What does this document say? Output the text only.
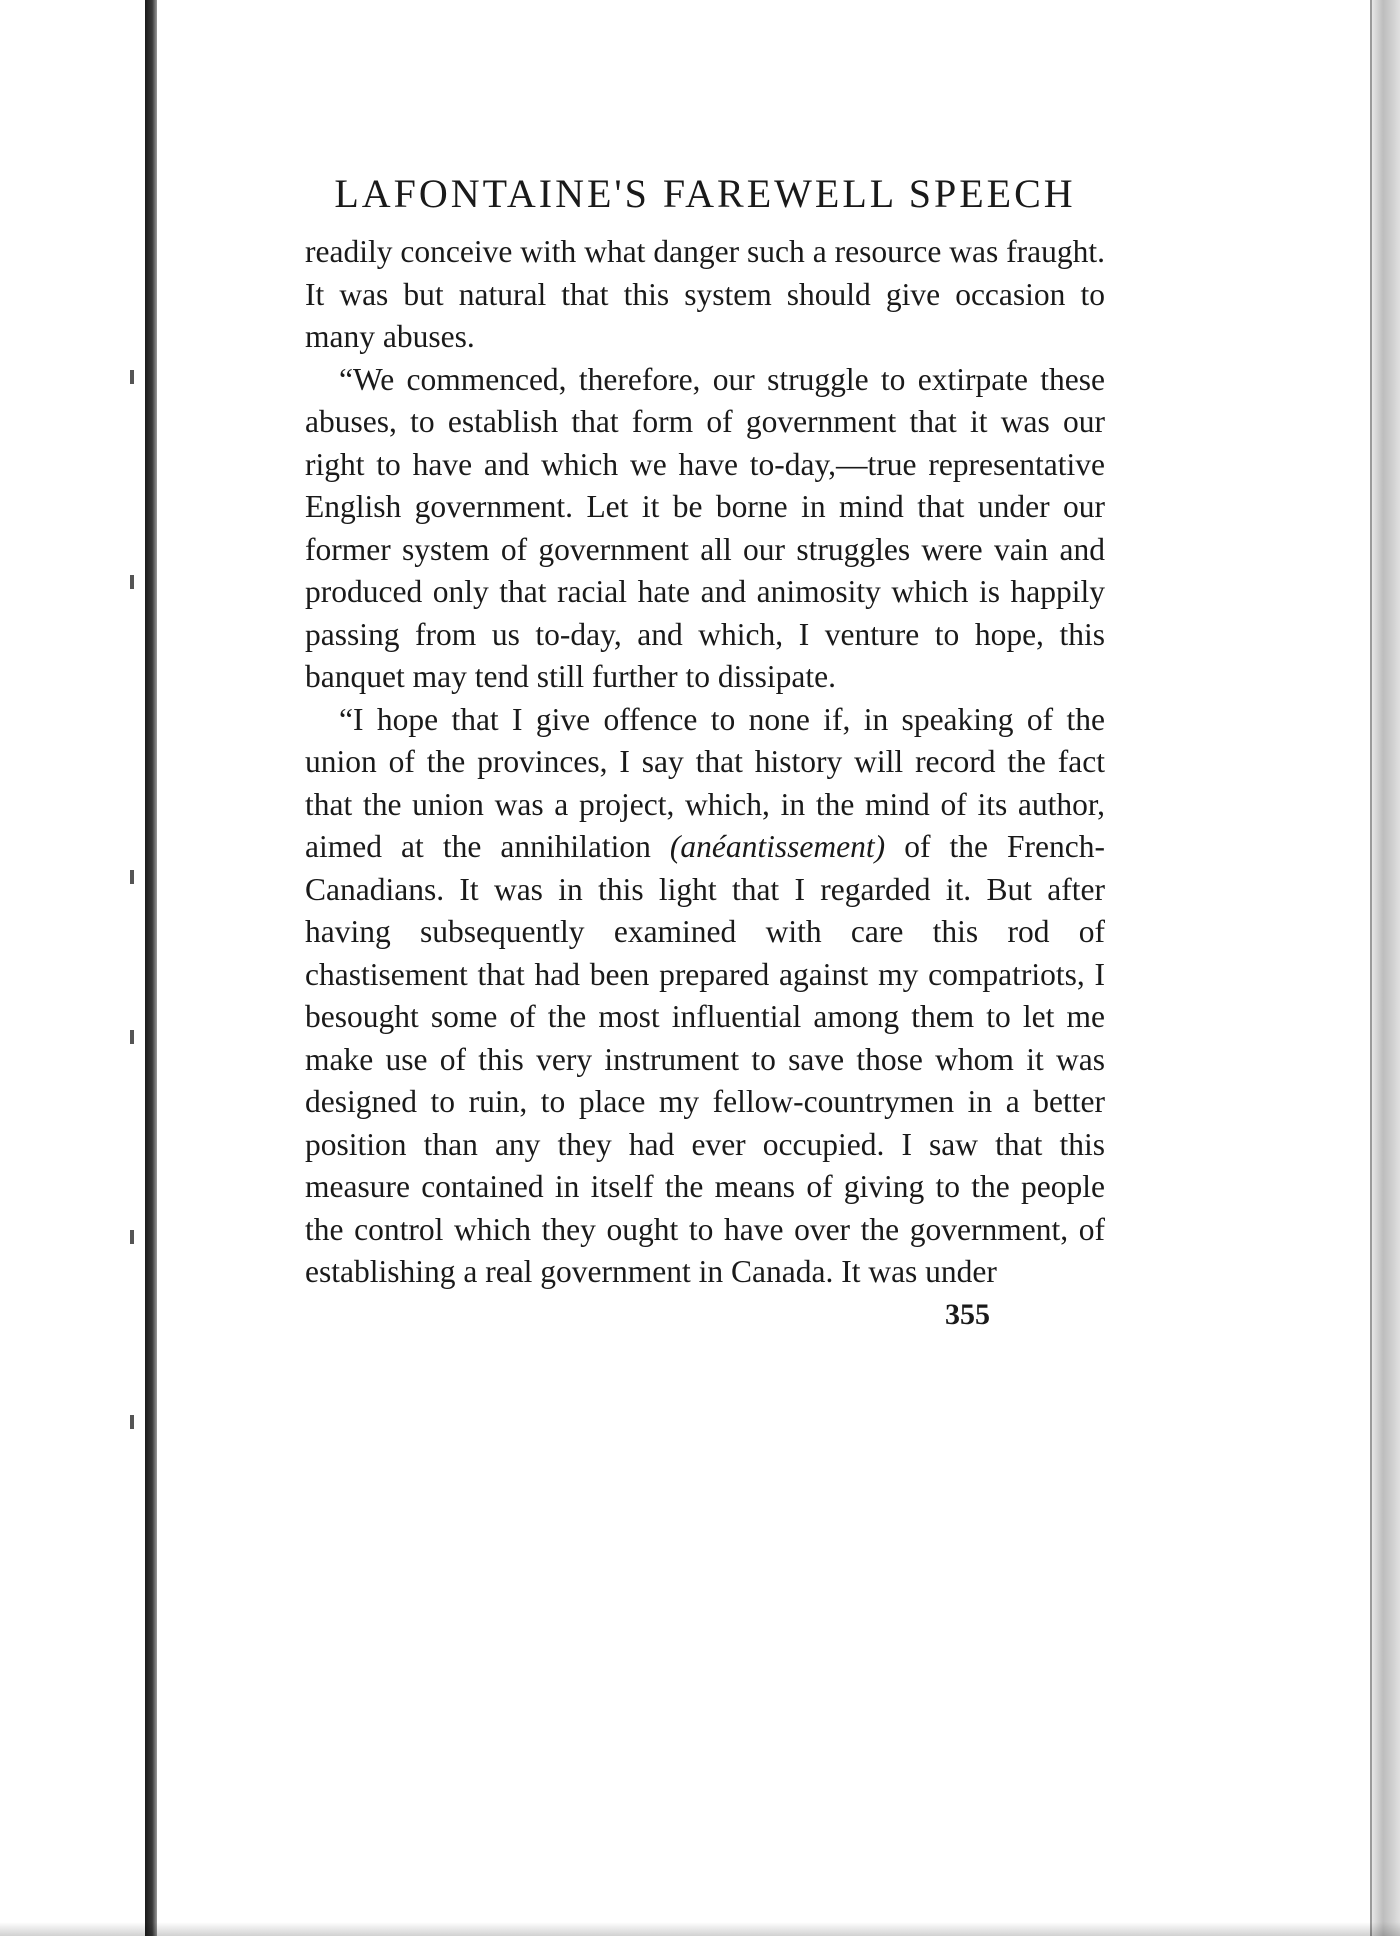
LAFONTAINE'S FAREWELL SPEECH

readily conceive with what danger such a resource was fraught. It was but natural that this system should give occasion to many abuses.

“We commenced, therefore, our struggle to extirpate these abuses, to establish that form of government that it was our right to have and which we have to-day,—true representative English government. Let it be borne in mind that under our former system of government all our struggles were vain and produced only that racial hate and animosity which is happily passing from us to-day, and which, I venture to hope, this banquet may tend still further to dissipate.

“I hope that I give offence to none if, in speaking of the union of the provinces, I say that history will record the fact that the union was a project, which, in the mind of its author, aimed at the annihilation (anéantissement) of the French-Canadians. It was in this light that I regarded it. But after having subsequently examined with care this rod of chastisement that had been prepared against my compatriots, I besought some of the most influential among them to let me make use of this very instrument to save those whom it was designed to ruin, to place my fellow-countrymen in a better position than any they had ever occupied. I saw that this measure contained in itself the means of giving to the people the control which they ought to have over the government, of establishing a real government in Canada. It was under

355
